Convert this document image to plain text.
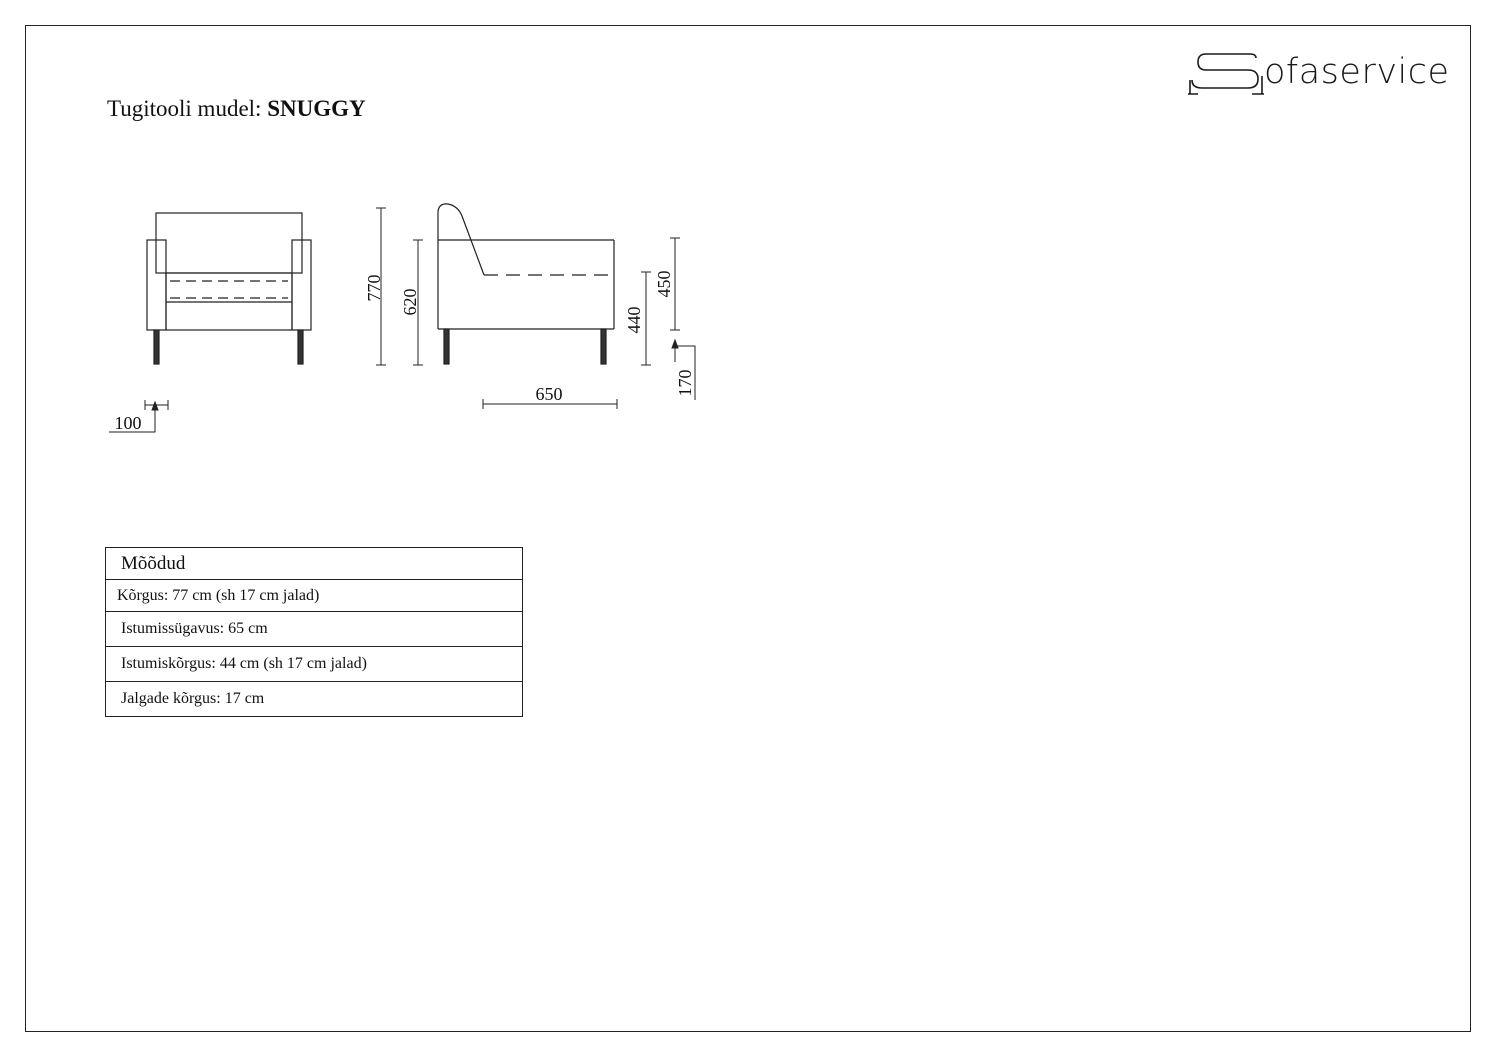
Tugitooli mudel: SNUGGY
ofaservice
770
620
440
450
170
650
100
Mõõdud
Kõrgus: 77 cm (sh 17 cm jalad)
Istumissügavus: 65 cm
Istumiskõrgus: 44 cm (sh 17 cm jalad)
Jalgade kõrgus: 17 cm
